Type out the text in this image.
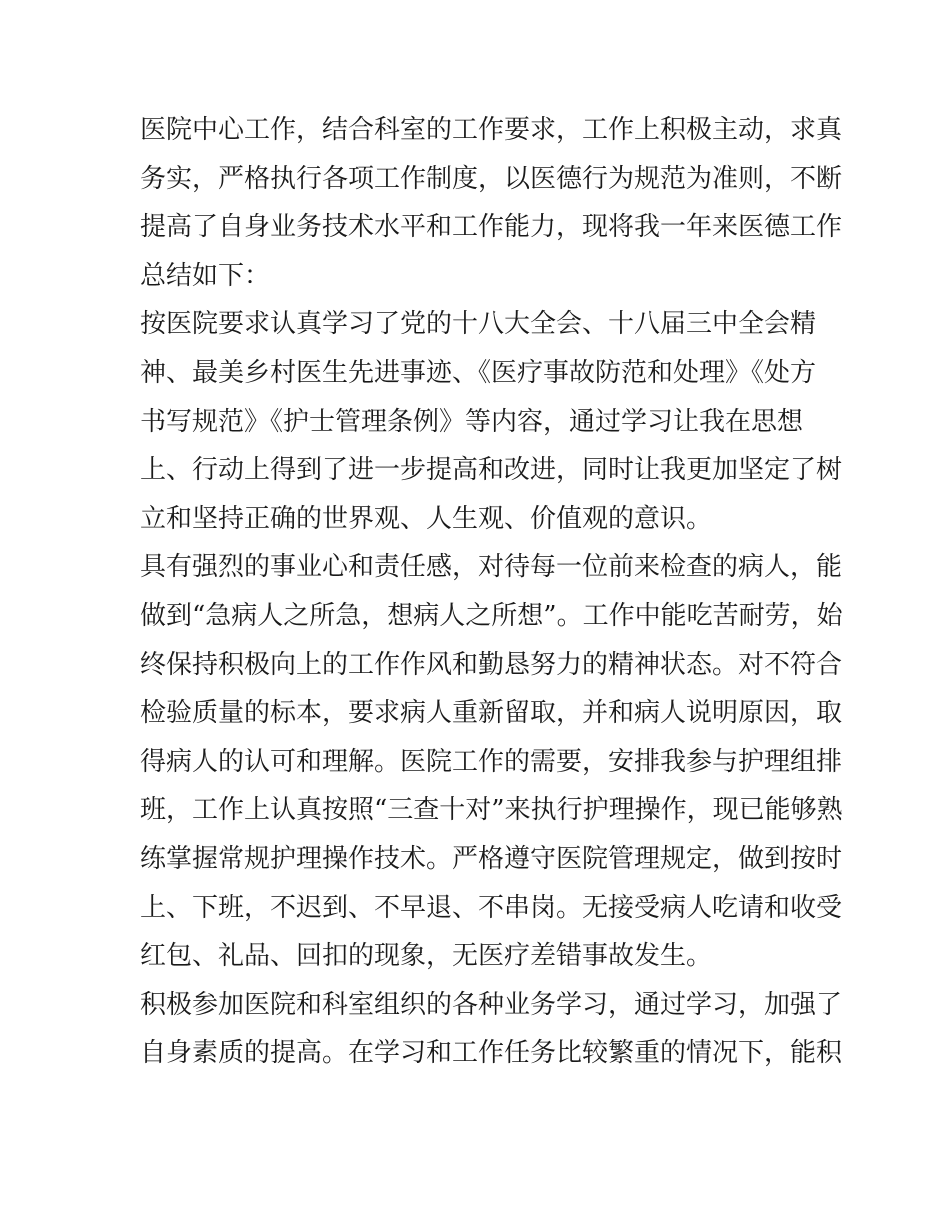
医院中心工作，结合科室的工作要求，工作上积极主动，求真
务实，严格执行各项工作制度，以医德行为规范为准则，不断
提高了自身业务技术水平和工作能力，现将我一年来医德工作
总结如下：
按医院要求认真学习了党的十八大全会、十八届三中全会精
神、最美乡村医生先进事迹、《医疗事故防范和处理》《处方
书写规范》《护士管理条例》等内容，通过学习让我在思想
上、行动上得到了进一步提高和改进，同时让我更加坚定了树
立和坚持正确的世界观、人生观、价值观的意识。
具有强烈的事业心和责任感，对待每一位前来检查的病人，能
做到“急病人之所急，想病人之所想”。工作中能吃苦耐劳，始
终保持积极向上的工作作风和勤恳努力的精神状态。对不符合
检验质量的标本，要求病人重新留取，并和病人说明原因，取
得病人的认可和理解。医院工作的需要，安排我参与护理组排
班，工作上认真按照“三查十对”来执行护理操作，现已能够熟
练掌握常规护理操作技术。严格遵守医院管理规定，做到按时
上、下班，不迟到、不早退、不串岗。无接受病人吃请和收受
红包、礼品、回扣的现象，无医疗差错事故发生。
积极参加医院和科室组织的各种业务学习，通过学习，加强了
自身素质的提高。在学习和工作任务比较繁重的情况下，能积
